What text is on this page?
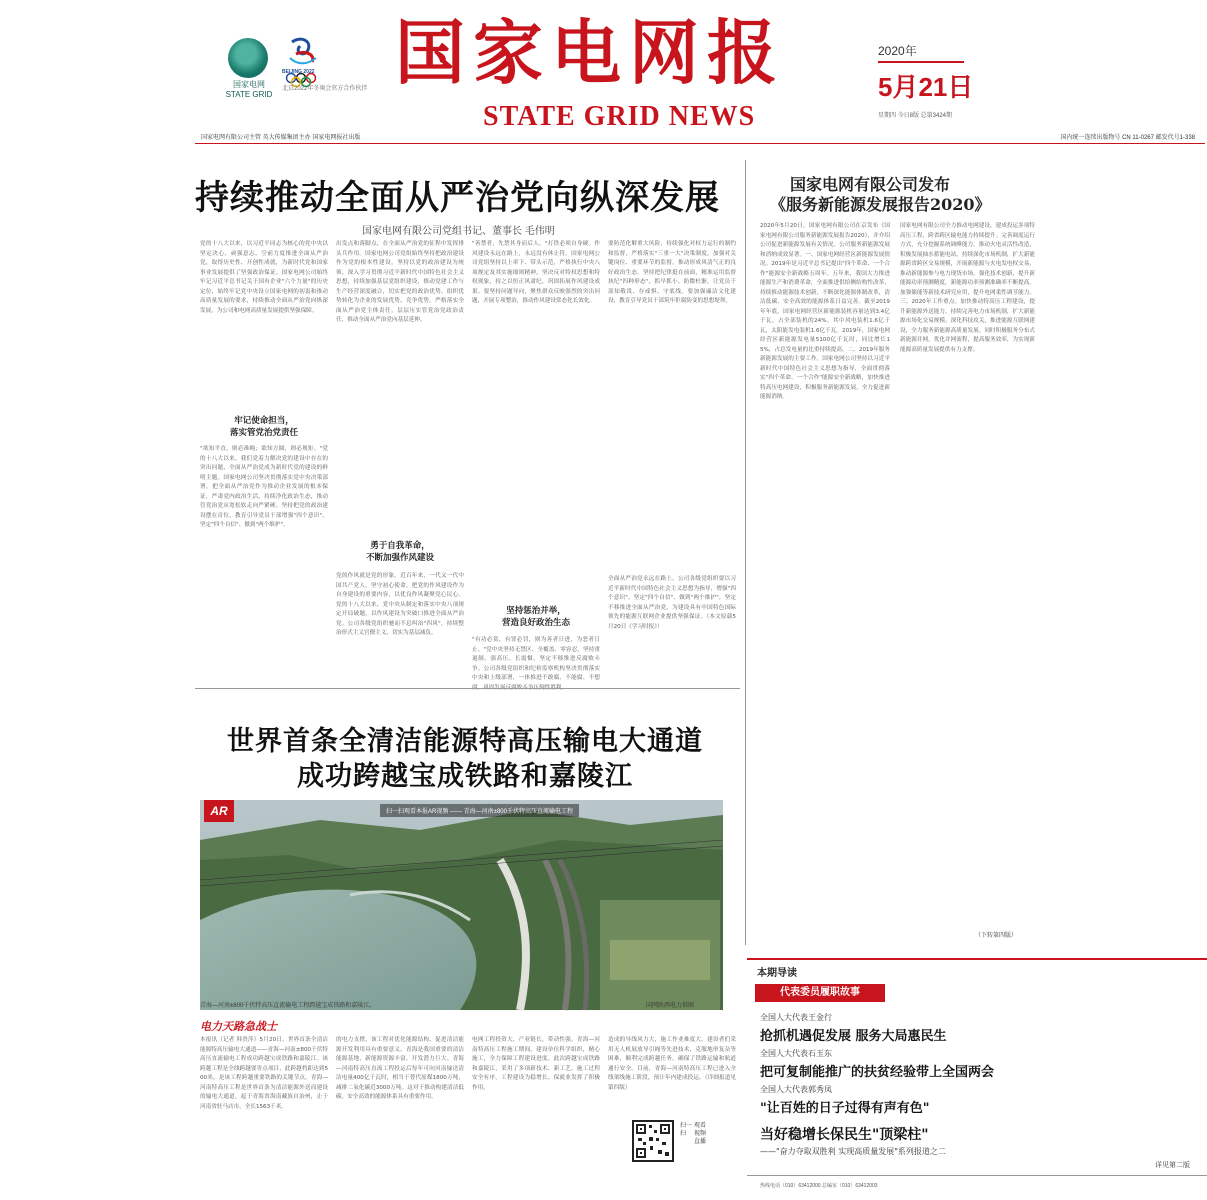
国家电网
STATE GRID
BEIJING 2022
北京2022年冬奥会官方合作伙伴 国家电网报
STATE GRID NEWS
2020年
5月21日
星期四 今日8版 总第3424期
国家电网有限公司主管 英大传媒集团主办 国家电网报社出版	国内统一连续出版物号 CN 11-0267 邮发代号1-338
持续推动全面从严治党向纵深发展
国家电网有限公司党组书记、董事长 毛伟明
党的十八大以来，以习近平同志为核心的党中央以坚定决心、顽强意志、空前力度推进全面从严治党，取得历史性、开创性成就，为新时代党和国家事业发展提供了坚强政治保证。国家电网公司始终牢记习近平总书记关于国有企业"六个力量"的历史定位，始终牢记党中央设立国家电网的初衷和推动高质量发展的要求，持续推动全面从严治党向纵深发展，为公司和电网高质量发展提供坚强保障。
牢记使命担当，
落实管党治党责任
"欲知平直，则必准绳；欲知方圆，则必规矩。"党的十八大以来，我们党着力解决党的建设中存在的突出问题，全面从严治党成为新时代党的建设的鲜明主题。国家电网公司坚决贯彻落实党中央决策部署，把全面从严治党作为推动企业发展的根本保证，严肃党内政治生活，持续净化政治生态，推动管党治党从宽松软走向严紧硬。坚持把党的政治建设摆在首位，教育引导党员干部增强"四个意识"、坚定"四个自信"、做到"两个维护"。
出发点和落脚点，在全面从严治党的征程中发挥排头兵作用。国家电网公司党组始终坚持把政治建设作为党的根本性建设，坚持以党的政治建设为统领，深入学习贯彻习近平新时代中国特色社会主义思想，持续加强基层党组织建设，推动党建工作与生产经营深度融合，切实把党的政治优势、组织优势转化为企业的发展优势、竞争优势。严格落实全面从严治党主体责任，层层压实管党治党政治责任，推动全面从严治党向基层延伸。
勇于自我革命，
不断加强作风建设
党的作风就是党的形象。近百年来，一代又一代中国共产党人，坚守初心使命，把党的作风建设作为自身建设的重要内容，以优良作风凝聚党心民心。党的十八大以来，党中央从制定和落实中央八项规定开局破题，以作风建设为突破口推进全面从严治党。公司各级党组织驰而不息纠治"四风"，持续整治形式主义官僚主义，切实为基层减负。
"善禁者，先禁其身而后人。"打铁必须自身硬。作风建设永远在路上，永远没有休止符。国家电网公司党组坚持以上率下、带头示范，严格执行中央八项规定及其实施细则精神，坚决反对特权思想和特权现象，持之以恒正风肃纪，巩固拓展作风建设成果。要坚持问题导向，聚焦群众反映强烈的突出问题，开展专项整治，推动作风建设常态化长效化。
坚持惩治并举，
营造良好政治生态
"有功必赏，有罪必罚，则为善者日进，为恶者日止。"党中央坚持无禁区、全覆盖、零容忍，坚持重遏制、强高压、长震慑，坚定不移推进反腐败斗争。公司各级党组织和纪检监察机构坚决贯彻落实中央和上级部署，一体推进不敢腐、不能腐、不想
要防范化解重大风险，持续强化对权力运行的制约和监督，严格落实"三重一大"决策制度，加强对关键岗位、重要环节的监督，推动形成风清气正的良好政治生态。坚持把纪律挺在前面，精准运用监督执纪"四种形态"，抓早抓小、防微杜渐，让党员干部知敬畏、存戒惧、守底线。要加强廉洁文化建设，教育引导党员干部筑牢拒腐防变的思想堤坝。
全面从严治党永远在路上。公司各级党组织要以习近平新时代中国特色社会主义思想为指导，增强"四个意识"、坚定"四个自信"、做到"两个维护"，坚定不移推进全面从严治党，为建设具有中国特色国际领先的能源互联网企业提供坚强保证。（本文原载5月20日《学习时报》）
国家电网有限公司发布
《服务新能源发展报告2020》
2020年5月20日，国家电网有限公司在京发布《国家电网有限公司服务新能源发展报告2020》，并介绍公司促进新能源发展有关情况。公司服务新能源发展和消纳成效显著。一、国家电网经营区新能源发展情况。2019年是习近平总书记提出"四个革命、一个合作"能源安全新战略五周年。五年来，我国大力推进能源生产和消费革命，全面推进供给侧结构性改革，持续推动能源技术创新，不断深化能源体制改革，清洁低碳、安全高效的能源体系日益完善。截至2019年年底，国家电网经营区新能源装机容量达到3.4亿千瓦，占全部装机的24%。其中风电装机1.6亿千瓦，太阳能发电装机1.6亿千瓦。2019年，国家电网经营区新能源发电量5100亿千瓦时，同比增长15%，占总发电量的比重持续提高。二、2019年服务新能源发展的主要工作。国家电网公司坚持以习近平新时代中国特色社会主义思想为指导，全面贯彻落实"四个革命、一个合作"能源安全新战略，加快推进特高压电网建设，积极服务新能源发展，全力促进新能源消纳。
国家电网有限公司全力推动电网建设，建成投运多项特高压工程，跨省跨区输电能力持续提升。完善调度运行方式，充分挖掘系统调峰能力，推动火电灵活性改造，积极发展抽水蓄能电站。持续深化市场机制，扩大新能源跨省跨区交易规模，开展新能源与火电发电权交易，推动新能源参与电力现货市场。强化技术创新，提升新能源功率预测精度，新能源功率预测准确率不断提高。加强储能等新技术研究应用，提升电网柔性调节能力。三、2020年工作重点。加快推动特高压工程建设，提升新能源外送能力。持续完善电力市场机制，扩大新能源市场化交易规模。深化科技攻关，推进能源互联网建设，全力服务新能源高质量发展。同时积极服务分布式新能源并网，优化并网流程，提高服务效率，为实现新能源高质量发展提供有力支撑。
（下转第四版）
世界首条全清洁能源特高压输电大通道
成功跨越宝成铁路和嘉陵江
AR	扫一扫观看本报AR视频 —— 青海—河南±800千伏特高压直流输电工程
青海—河南±800千伏特高压直流输电工程跨越宝成铁路和嘉陵江。	国网陕西电力供图
电力天路急战士
本报讯（记者 韩贵萍）5月20日，世界首条全清洁能源特高压输电大通道——青海—河南±800千伏特高压直流输电工程成功跨越宝成铁路和嘉陵江。该跨越工程是全线跨越要害点项目，此跨越档距达到500米，是该工程跨越重要铁路的关键节点。青海—河南特高压工程是世界首条为清洁能源外送而建设的输电大通道，起于青海省海南藏族自治州，止于河南省驻马店市，全长1563千米。
的电力支撑，该工程对优化能源结构、促进清洁能源开发利用具有重要意义。青海是我国重要的清洁能源基地，新能源资源丰富，开发潜力巨大。青海—河南特高压直流工程投运后每年可向河南输送清洁电量400亿千瓦时，相当于替代原煤1800万吨，减排二氧化碳近3000万吨。这对于推动构建清洁低碳、安全高效的能源体系具有重要作用。
电网工程投资大、产业链长，带动性强。青海—河南特高压工程施工期间，建设单位科学组织，精心施工，全力保障工程建设进度。此次跨越宝成铁路和嘉陵江，采用了多项新技术、新工艺，施工过程安全有序。工程建设为稳增长、保就业发挥了积极作用。
造成的导线风力大，施工作业难度大，建设者们采用无人机展放导引绳等先进技术，克服地形复杂等困难，顺利完成跨越任务，确保了铁路运输和航道通行安全。目前，青海—河南特高压工程已进入全线架线施工阶段，预计年内建成投运。（详细报道见第四版）
扫一扫
观看视频直播
本期导读
代表委员履职故事
全国人大代表王金行
抢抓机遇促发展 服务大局惠民生
全国人大代表石玉东
把可复制能推广的扶贫经验带上全国两会
全国人大代表郭秀凤
"让百姓的日子过得有声有色"
当好稳增长保民生"顶梁柱"
——"奋力夺取双胜利 实现高质量发展"系列报道之二
详见第二版
热线电话（010）63412000 总编室（010）63412003
